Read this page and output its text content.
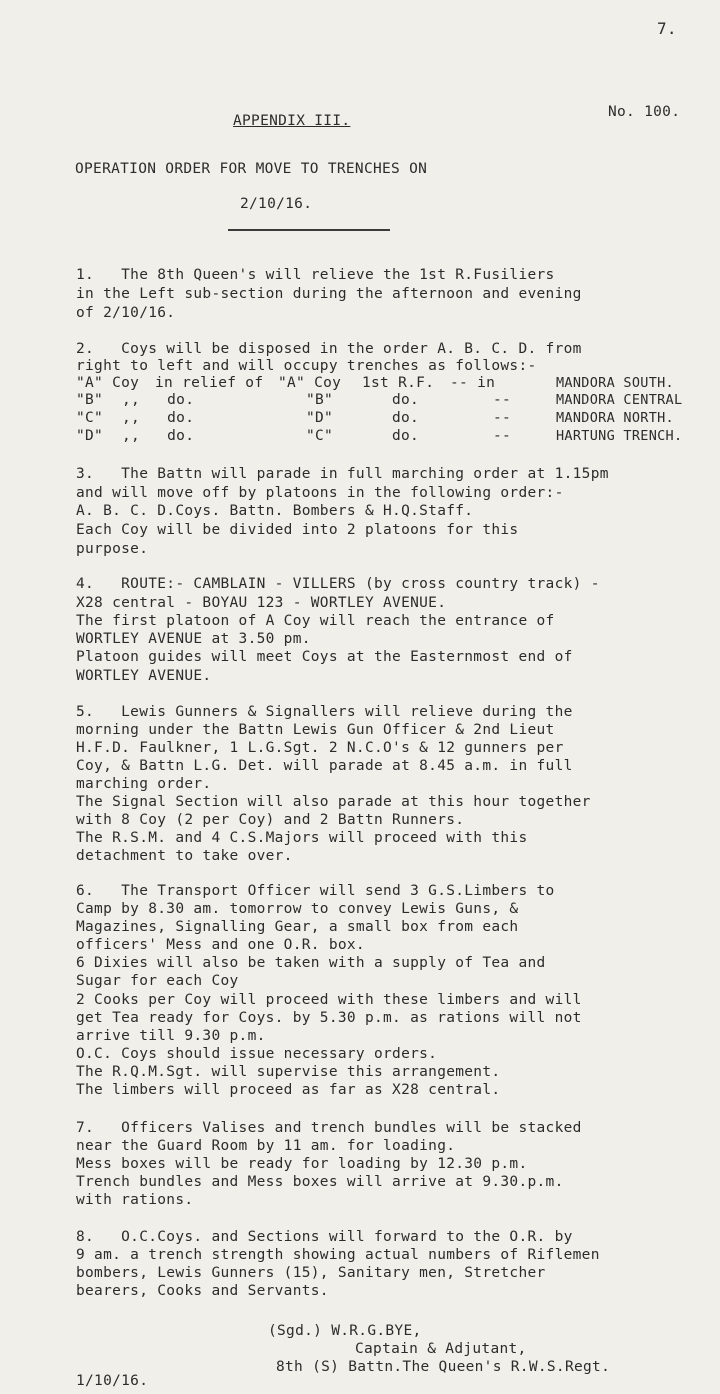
7.
No. 100.
APPENDIX III.
OPERATION ORDER FOR MOVE TO TRENCHES ON
2/10/16.
1.   The 8th Queen's will relieve the 1st R.Fusiliers
in the Left sub-section during the afternoon and evening
of 2/10/16.
2.   Coys will be disposed in the order A. B. C. D. from
right to left and will occupy trenches as follows:-
"A" Coy in relief of "A" Coy 1st R.F. -- in	MANDORA SOUTH.
"B" ,,   do.	"B"	do.	--	MANDORA CENTRAL
"C" ,,   do.	"D"	do.	--	MANDORA NORTH.
"D" ,,   do.	"C"	do.	--	HARTUNG TRENCH.
3.   The Battn will parade in full marching order at 1.15pm
and will move off by platoons in the following order:-
A. B. C. D.Coys. Battn. Bombers & H.Q.Staff.
Each Coy will be divided into 2 platoons for this
purpose.
4.   ROUTE:- CAMBLAIN - VILLERS (by cross country track) -
X28 central - BOYAU 123 - WORTLEY AVENUE.
The first platoon of A Coy will reach the entrance of
WORTLEY AVENUE at 3.50 pm.
Platoon guides will meet Coys at the Easternmost end of
WORTLEY AVENUE.
5.   Lewis Gunners & Signallers will relieve during the
morning under the Battn Lewis Gun Officer & 2nd Lieut
H.F.D. Faulkner, 1 L.G.Sgt. 2 N.C.O's & 12 gunners per
Coy, & Battn L.G. Det. will parade at 8.45 a.m. in full
marching order.
The Signal Section will also parade at this hour together
with 8 Coy (2 per Coy) and 2 Battn Runners.
The R.S.M. and 4 C.S.Majors will proceed with this
detachment to take over.
6.   The Transport Officer will send 3 G.S.Limbers to
Camp by 8.30 am. tomorrow to convey Lewis Guns, &
Magazines, Signalling Gear, a small box from each
officers' Mess and one O.R. box.
6 Dixies will also be taken with a supply of Tea and
Sugar for each Coy
2 Cooks per Coy will proceed with these limbers and will
get Tea ready for Coys. by 5.30 p.m. as rations will not
arrive till 9.30 p.m.
O.C. Coys should issue necessary orders.
The R.Q.M.Sgt. will supervise this arrangement.
The limbers will proceed as far as X28 central.
7.   Officers Valises and trench bundles will be stacked
near the Guard Room by 11 am. for loading.
Mess boxes will be ready for loading by 12.30 p.m.
Trench bundles and Mess boxes will arrive at 9.30.p.m.
with rations.
8.   O.C.Coys. and Sections will forward to the O.R. by
9 am. a trench strength showing actual numbers of Riflemen
bombers, Lewis Gunners (15), Sanitary men, Stretcher
bearers, Cooks and Servants.
(Sgd.) W.R.G.BYE,
Captain & Adjutant,
8th (S) Battn.The Queen's R.W.S.Regt.
1/10/16.
